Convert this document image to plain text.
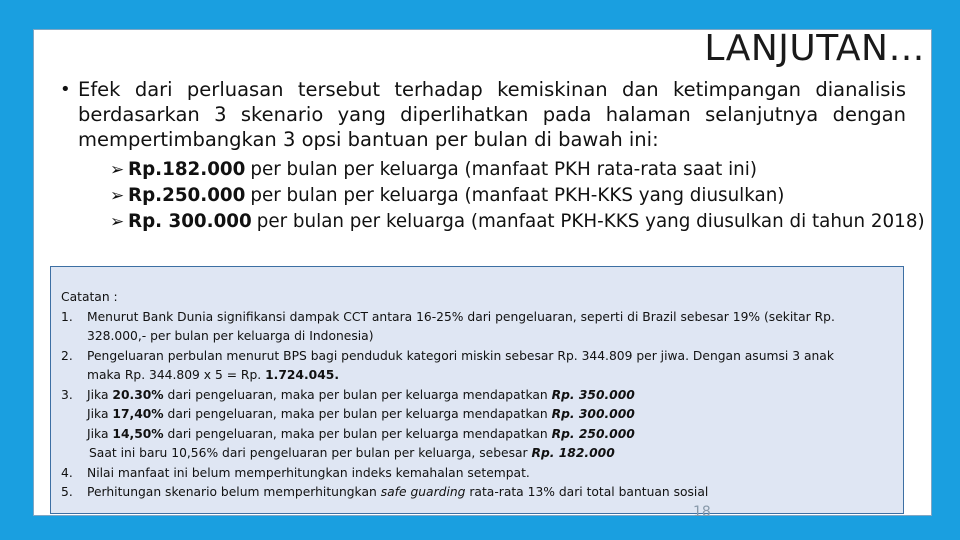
LANJUTAN…
• Efek dari perluasan tersebut terhadap kemiskinan dan ketimpangan dianalisis berdasarkan 3 skenario yang diperlihatkan pada halaman selanjutnya dengan mempertimbangkan 3 opsi bantuan per bulan di bawah ini:
➢ Rp.182.000 per bulan per keluarga (manfaat PKH rata-rata saat ini)
➢ Rp.250.000 per bulan per keluarga (manfaat PKH-KKS yang diusulkan)
➢ Rp. 300.000 per bulan per keluarga (manfaat PKH-KKS yang diusulkan di tahun 2018)
Catatan :
1.	Menurut Bank Dunia signifikansi dampak CCT antara 16-25% dari pengeluaran, seperti di Brazil sebesar 19% (sekitar Rp.
328.000,- per bulan per keluarga di Indonesia)
2.	Pengeluaran perbulan menurut BPS bagi penduduk kategori miskin sebesar Rp. 344.809 per jiwa. Dengan asumsi 3 anak
maka Rp. 344.809 x 5 = Rp. 1.724.045.
3.	Jika 20.30% dari pengeluaran, maka per bulan per keluarga mendapatkan Rp. 350.000
Jika 17,40% dari pengeluaran, maka per bulan per keluarga mendapatkan Rp. 300.000
Jika 14,50% dari pengeluaran, maka per bulan per keluarga mendapatkan Rp. 250.000
Saat ini baru 10,56% dari pengeluaran per bulan per keluarga, sebesar Rp. 182.000
4.	Nilai manfaat ini belum memperhitungkan indeks kemahalan setempat.
5.	Perhitungan skenario belum memperhitungkan safe guarding rata-rata 13% dari total bantuan sosial
18
